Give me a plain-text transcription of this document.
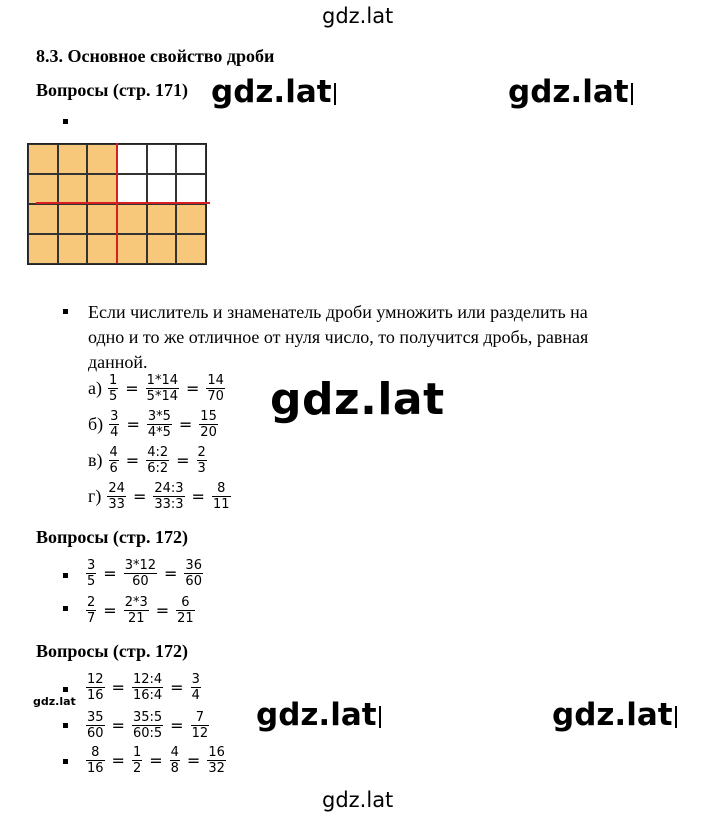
gdz.lat
8.3. Основное свойство дроби
Вопросы (стр. 171) gdz.lat	gdz.lat
Если числитель и знаменатель дроби умножить или разделить на
одно и то же отличное от нуля число, то получится дробь, равная
данной.
$а) \frac{1}{5} = \frac{1*14}{5*14} = \frac{14}{70}$
$б) \frac{3}{4} = \frac{3*5}{4*5} = \frac{15}{20}$
$в) \frac{4}{6} = \frac{4:2}{6:2} = \frac{2}{3}$
$г) \frac{24}{33} = \frac{24:3}{33:3} = \frac{8}{11}$
gdz.lat
Вопросы (стр. 172)
$\frac{3}{5} = \frac{3*12}{60} = \frac{36}{60}$
$\frac{2}{7} = \frac{2*3}{21} = \frac{6}{21}$
Вопросы (стр. 172)
$gdz.lat \frac{12}{16} = \frac{12:4}{16:4} = \frac{3}{4}$
$\frac{35}{60} = \frac{35:5}{60:5} = \frac{7}{12}$
$\frac{8}{16} = \frac{1}{2} = \frac{4}{8} = \frac{16}{32}$
gdz.lat	gdz.lat
gdz.lat
